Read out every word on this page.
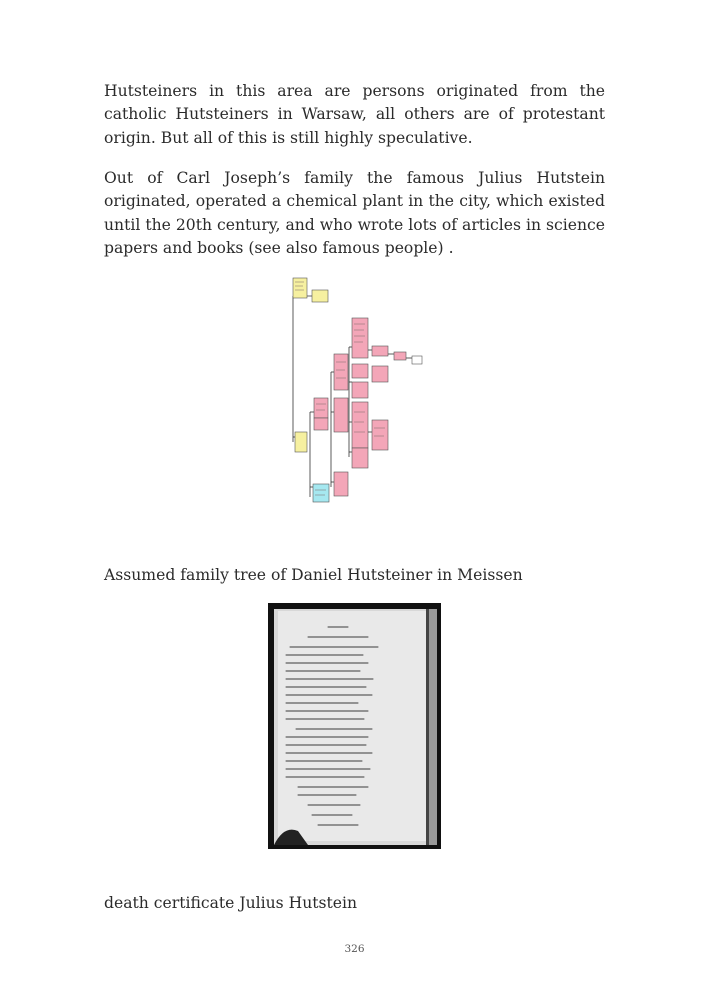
Hutsteiners in this area are persons originated from the catholic Hutsteiners in Warsaw, all others are of protestant origin. But all of this is still highly speculative.

Out of Carl Joseph’s family the famous Julius Hutstein originated, operated a chemical plant in the city, which existed until the 20th century, and who wrote lots of articles in science papers and books (see also famous people) .

Assumed family tree of Daniel Hutsteiner in Meissen

death certificate Julius Hutstein

326
